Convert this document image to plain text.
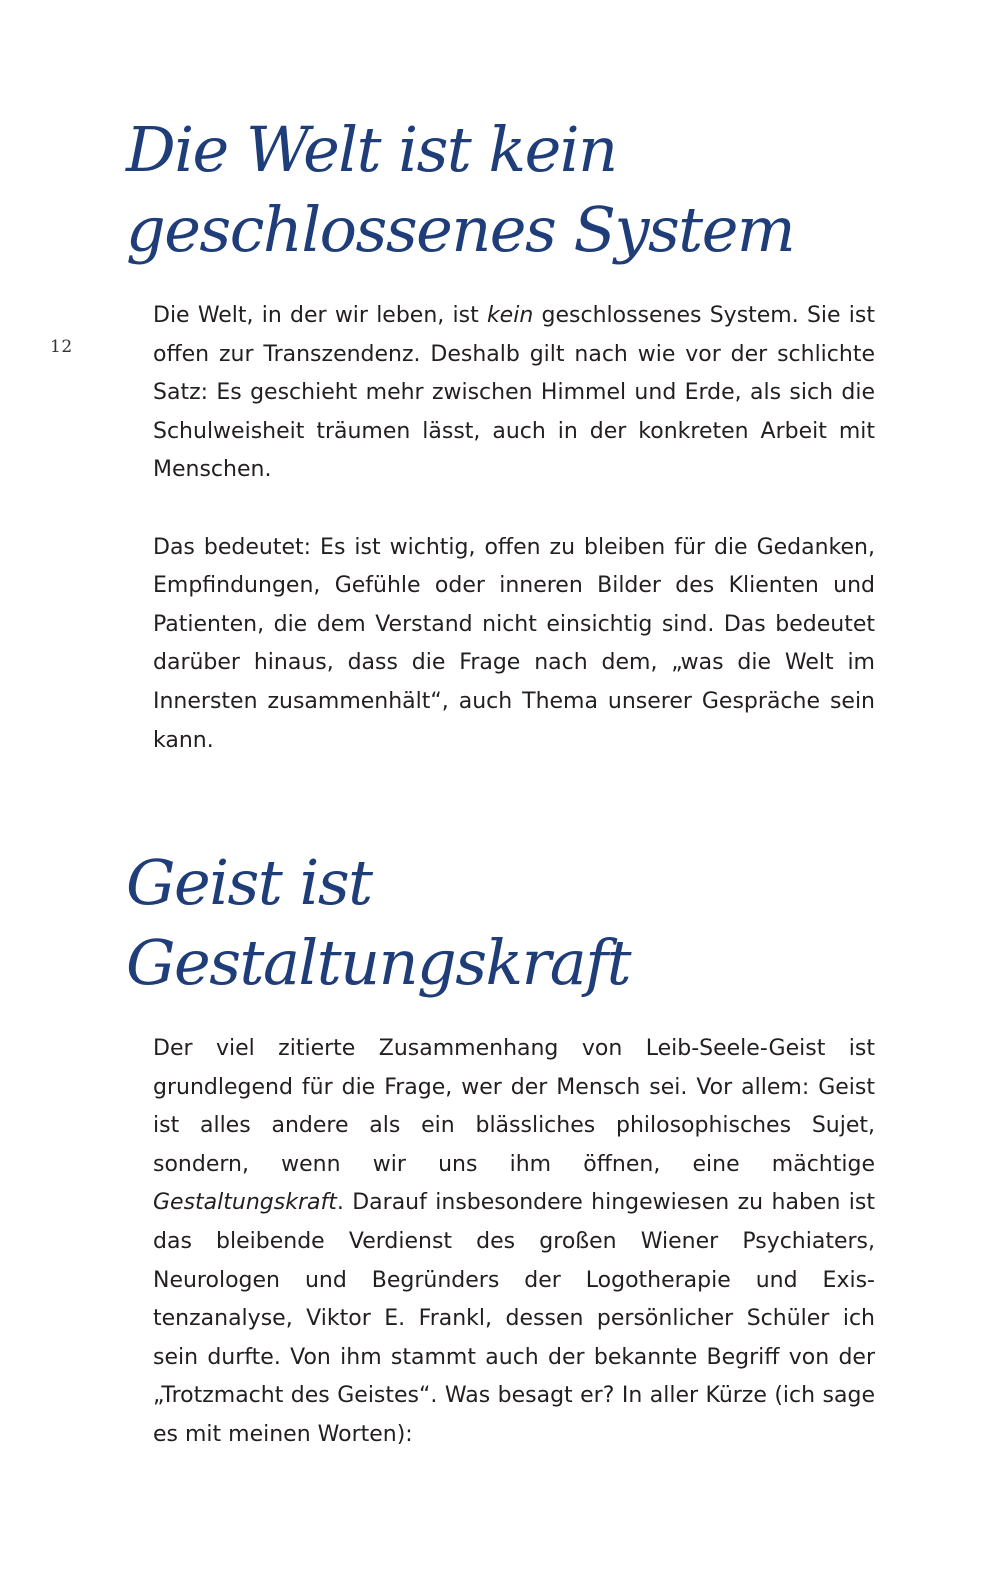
12
Die Welt ist kein
geschlossenes System

Die Welt, in der wir leben, ist kein geschlossenes System. Sie ist offen zur Transzendenz. Deshalb gilt nach wie vor der schlichte Satz: Es geschieht mehr zwischen Himmel und Erde, als sich die Schulweisheit träumen lässt, auch in der konkreten Arbeit mit Menschen.

Das bedeutet: Es ist wichtig, offen zu bleiben für die Gedanken, Empfindungen, Gefühle oder inneren Bilder des Klienten und Patienten, die dem Verstand nicht einsichtig sind. Das bedeutet darüber hinaus, dass die Frage nach dem, „was die Welt im Innersten zusammenhält“, auch Thema unserer Gespräche sein kann.

Geist ist
Gestaltungskraft

Der viel zitierte Zusammenhang von Leib-Seele-Geist ist grundlegend für die Frage, wer der Mensch sei. Vor allem: Geist ist alles andere als ein blässliches philosophisches Sujet, sondern, wenn wir uns ihm öffnen, eine mächtige Gestaltungskraft. Darauf insbesondere hingewiesen zu haben ist das bleibende Verdienst des großen Wiener Psychiaters, Neurologen und Begründers der Logotherapie und Existenzanalyse, Viktor E. Frankl, dessen persönlicher Schüler ich sein durfte. Von ihm stammt auch der bekannte Begriff von der „Trotzmacht des Geistes“. Was besagt er? In aller Kürze (ich sage es mit meinen Worten):
